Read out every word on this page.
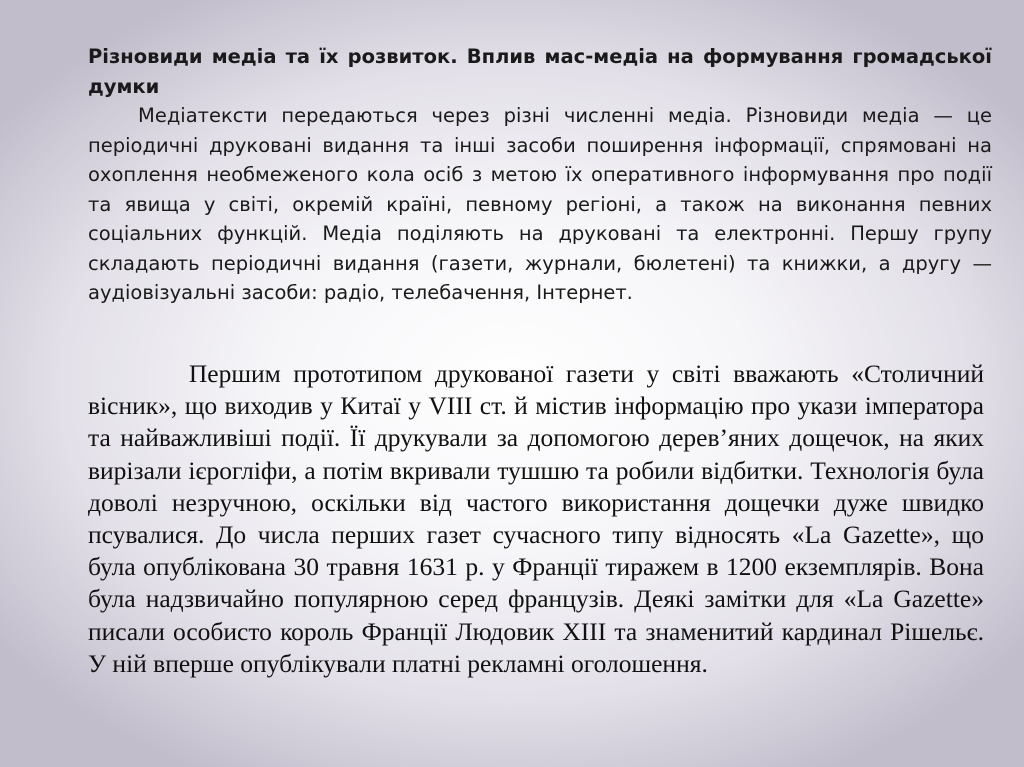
Різновиди медіа та їх розвиток. Вплив мас-медіа на формування громадської думки

Медіатексти передаються через різні численні медіа. Різновиди медіа — це періодичні друковані видання та інші засоби поширення інформації, спрямовані на охоплення необмеженого кола осіб з метою їх оперативного інформування про події та явища у світі, окремій країні, певному регіоні, а також на виконання певних соціальних функцій. Медіа поділяють на друковані та електронні. Першу групу складають періодичні видання (газети, журнали, бюлетені) та книжки, а другу — аудіовізуальні засоби: радіо, телебачення, Інтернет.

Першим прототипом друкованої газети у світі вважають «Столичний вісник», що виходив у Китаї у VIII ст. й містив інформацію про укази імператора та найважливіші події. Її друкували за допомогою дерев’яних дощечок, на яких вирізали ієрогліфи, а потім вкривали тушшю та робили відбитки. Технологія була доволі незручною, оскільки від частого використання дощечки дуже швидко псувалися. До числа перших газет сучасного типу відносять «La Gazette», що була опублікована 30 травня 1631 р. у Франції тиражем в 1200 екземплярів. Вона була надзвичайно популярною серед французів. Деякі замітки для «La Gazette» писали особисто король Франції Людовик XIII та знаменитий кардинал Рішельє. У ній вперше опублікували платні рекламні оголошення.
